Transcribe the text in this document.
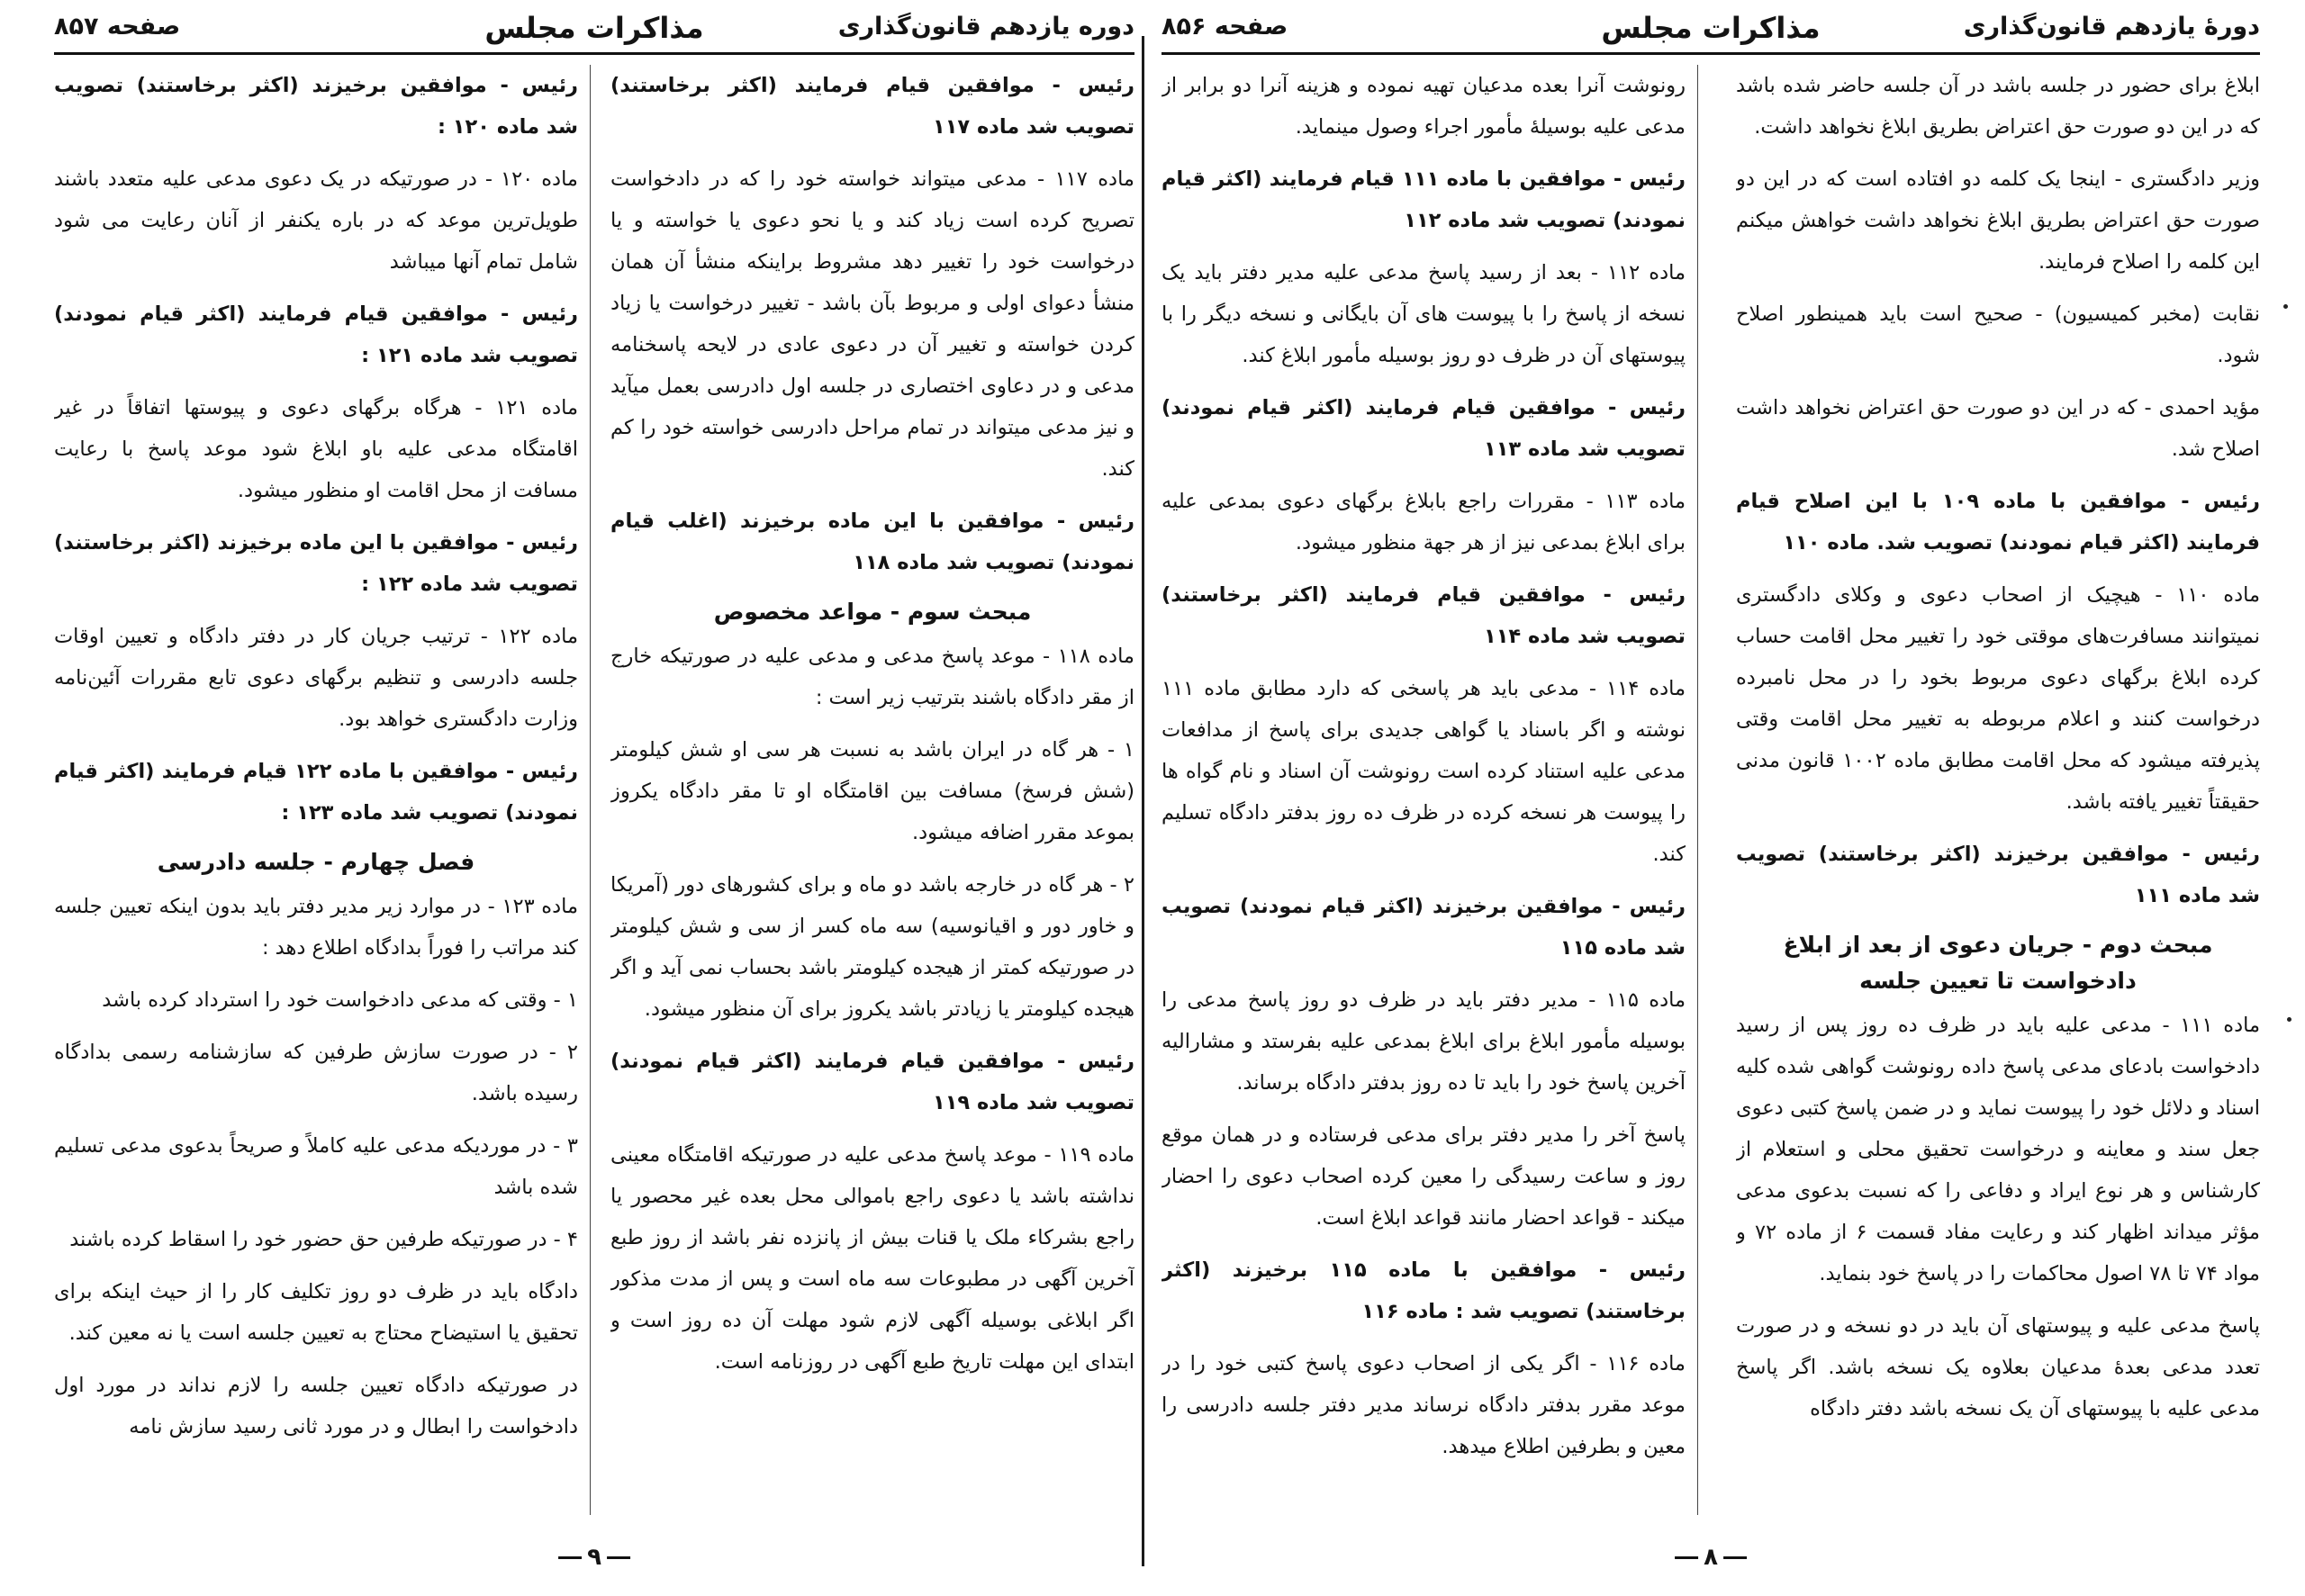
دوره یازدهم قانون‌گذاری
مذاکرات مجلس
صفحه ۸۵۷

رئیس - موافقین قیام فرمایند (اکثر برخاستند) تصویب شد ماده ۱۱۷

ماده ۱۱۷ - مدعی میتواند خواسته خود را که در دادخواست تصریح کرده است زیاد کند و یا نحو دعوی یا خواسته و یا درخواست خود را تغییر دهد مشروط براینکه منشأ آن همان منشأ دعوای اولی و مربوط بآن باشد - تغییر درخواست یا زیاد کردن خواسته و تغییر آن در دعوی عادی در لایحه پاسخنامه مدعی و در دعاوی اختصاری در جلسه اول دادرسی بعمل میآید و نیز مدعی میتواند در تمام مراحل دادرسی خواسته خود را کم کند.

رئیس - موافقین با این ماده برخیزند (اغلب قیام نمودند) تصویب شد ماده ۱۱۸

مبحث سوم - مواعد مخصوص

ماده ۱۱۸ - موعد پاسخ مدعی و مدعی علیه در صورتیکه خارج از مقر دادگاه باشند بترتیب زیر است :

۱ - هر گاه در ایران باشد به نسبت هر سی او شش کیلومتر (شش فرسخ) مسافت بین اقامتگاه او تا مقر دادگاه یکروز بموعد مقرر اضافه میشود.

۲ - هر گاه در خارجه باشد دو ماه و برای کشورهای دور (آمریکا و خاور دور و اقیانوسیه) سه ماه کسر از سی و شش کیلومتر در صورتیکه کمتر از هیجده کیلومتر باشد بحساب نمی آید و اگر هیجده کیلومتر یا زیادتر باشد یکروز برای آن منظور میشود.

رئیس - موافقین قیام فرمایند (اکثر قیام نمودند) تصویب شد ماده ۱۱۹

ماده ۱۱۹ - موعد پاسخ مدعی علیه در صورتیکه اقامتگاه معینی نداشته باشد یا دعوی راجع باموالی محل بعده غیر محصور یا راجع بشرکاء ملک یا قنات بیش از پانزده نفر باشد از روز طبع آخرین آگهی در مطبوعات سه ماه است و پس از مدت مذکور اگر ابلاغی بوسیله آگهی لازم شود مهلت آن ده روز است و ابتدای این مهلت تاریخ طبع آگهی در روزنامه است.

رئیس - موافقین برخیزند (اکثر برخاستند) تصویب شد ماده ۱۲۰ :

ماده ۱۲۰ - در صورتیکه در یک دعوی مدعی علیه متعدد باشند طویل‌ترین موعد که در باره یکنفر از آنان رعایت می شود شامل تمام آنها میباشد

رئیس - موافقین قیام فرمایند (اکثر قیام نمودند) تصویب شد ماده ۱۲۱ :

ماده ۱۲۱ - هرگاه برگهای دعوی و پیوستها اتفاقاً در غیر اقامتگاه مدعی علیه باو ابلاغ شود موعد پاسخ با رعایت مسافت از محل اقامت او منظور میشود.

رئیس - موافقین با این ماده برخیزند (اکثر برخاستند) تصویب شد ماده ۱۲۲ :

ماده ۱۲۲ - ترتیب جریان کار در دفتر دادگاه و تعیین اوقات جلسه دادرسی و تنظیم برگهای دعوی تابع مقررات آئین‌نامه وزارت دادگستری خواهد بود.

رئیس - موافقین با ماده ۱۲۲ قیام فرمایند (اکثر قیام نمودند) تصویب شد ماده ۱۲۳ :

فصل چهارم - جلسه دادرسی

ماده ۱۲۳ - در موارد زیر مدیر دفتر باید بدون اینکه تعیین جلسه کند مراتب را فوراً بدادگاه اطلاع دهد :

۱ - وقتی که مدعی دادخواست خود را استرداد کرده باشد

۲ - در صورت سازش طرفین که سازشنامه رسمی بدادگاه رسیده باشد.

۳ - در موردیکه مدعی علیه کاملاً و صریحاً بدعوی مدعی تسلیم شده باشد

۴ - در صورتیکه طرفین حق حضور خود را اسقاط کرده باشند

دادگاه باید در ظرف دو روز تکلیف کار را از حیث اینکه برای تحقیق یا استیضاح محتاج به تعیین جلسه است یا نه معین کند.

در صورتیکه دادگاه تعیین جلسه را لازم نداند در مورد اول دادخواست را ابطال و در مورد ثانی رسید سازش نامه

۹
دورهٔ یازدهم قانون‌گذاری
مذاکرات مجلس
صفحه ۸۵۶

ابلاغ برای حضور در جلسه باشد در آن جلسه حاضر شده باشد که در این دو صورت حق اعتراض بطریق ابلاغ نخواهد داشت.

وزیر دادگستری - اینجا یک کلمه دو افتاده است که در این دو صورت حق اعتراض بطریق ابلاغ نخواهد داشت خواهش میکنم این کلمه را اصلاح فرمایند.

نقابت (مخبر کمیسیون) - صحیح است باید همینطور اصلاح شود.

مؤید احمدی - که در این دو صورت حق اعتراض نخواهد داشت اصلاح شد.

رئیس - موافقین با ماده ۱۰۹ با این اصلاح قیام فرمایند (اکثر قیام نمودند) تصویب شد. ماده ۱۱۰

ماده ۱۱۰ - هیچیک از اصحاب دعوی و وکلای دادگستری نمیتوانند مسافرت‌های موقتی خود را تغییر محل اقامت حساب کرده ابلاغ برگهای دعوی مربوط بخود را در محل نامبرده درخواست کنند و اعلام مربوطه به تغییر محل اقامت وقتی پذیرفته میشود که محل اقامت مطابق ماده ۱۰۰۲ قانون مدنی حقیقتاً تغییر یافته باشد.

رئیس - موافقین برخیزند (اکثر برخاستند) تصویب شد ماده ۱۱۱

مبحث دوم - جریان دعوی از بعد از ابلاغ دادخواست تا تعیین جلسه

ماده ۱۱۱ - مدعی علیه باید در ظرف ده روز پس از رسید دادخواست بادعای مدعی پاسخ داده رونوشت گواهی شده کلیه اسناد و دلائل خود را پیوست نماید و در ضمن پاسخ کتبی دعوی جعل سند و معاینه و درخواست تحقیق محلی و استعلام از کارشناس و هر نوع ایراد و دفاعی را که نسبت بدعوی مدعی مؤثر میداند اظهار کند و رعایت مفاد قسمت ۶ از ماده ۷۲ و مواد ۷۴ تا ۷۸ اصول محاکمات را در پاسخ خود بنماید.

پاسخ مدعی علیه و پیوستهای آن باید در دو نسخه و در صورت تعدد مدعی بعدهٔ مدعیان بعلاوه یک نسخه باشد. اگر پاسخ مدعی علیه با پیوستهای آن یک نسخه باشد دفتر دادگاه

رونوشت آنرا بعده مدعیان تهیه نموده و هزینه آنرا دو برابر از مدعی علیه بوسیلهٔ مأمور اجراء وصول مینماید.

رئیس - موافقین با ماده ۱۱۱ قیام فرمایند (اکثر قیام نمودند) تصویب شد ماده ۱۱۲

ماده ۱۱۲ - بعد از رسید پاسخ مدعی علیه مدیر دفتر باید یک نسخه از پاسخ را با پیوست های آن بایگانی و نسخه دیگر را با پیوستهای آن در ظرف دو روز بوسیله مأمور ابلاغ کند.

رئیس - موافقین قیام فرمایند (اکثر قیام نمودند) تصویب شد ماده ۱۱۳

ماده ۱۱۳ - مقررات راجع بابلاغ برگهای دعوی بمدعی علیه برای ابلاغ بمدعی نیز از هر جهة منظور میشود.

رئیس - موافقین قیام فرمایند (اکثر برخاستند) تصویب شد ماده ۱۱۴

ماده ۱۱۴ - مدعی باید هر پاسخی که دارد مطابق ماده ۱۱۱ نوشته و اگر باسناد یا گواهی جدیدی برای پاسخ از مدافعات مدعی علیه استناد کرده است رونوشت آن اسناد و نام گواه ها را پیوست هر نسخه کرده در ظرف ده روز بدفتر دادگاه تسلیم کند.

رئیس - موافقین برخیزند (اکثر قیام نمودند) تصویب شد ماده ۱۱۵

ماده ۱۱۵ - مدیر دفتر باید در ظرف دو روز پاسخ مدعی را بوسیله مأمور ابلاغ برای ابلاغ بمدعی علیه بفرستد و مشارالیه آخرین پاسخ خود را باید تا ده روز بدفتر دادگاه برساند.

پاسخ آخر را مدیر دفتر برای مدعی فرستاده و در همان موقع روز و ساعت رسیدگی را معین کرده اصحاب دعوی را احضار میکند - قواعد احضار مانند قواعد ابلاغ است.

رئیس - موافقین با ماده ۱۱۵ برخیزند (اکثر برخاستند) تصویب شد : ماده ۱۱۶

ماده ۱۱۶ - اگر یکی از اصحاب دعوی پاسخ کتبی خود را در موعد مقرر بدفتر دادگاه نرساند مدیر دفتر جلسه دادرسی را معین و بطرفین اطلاع میدهد.

۸
